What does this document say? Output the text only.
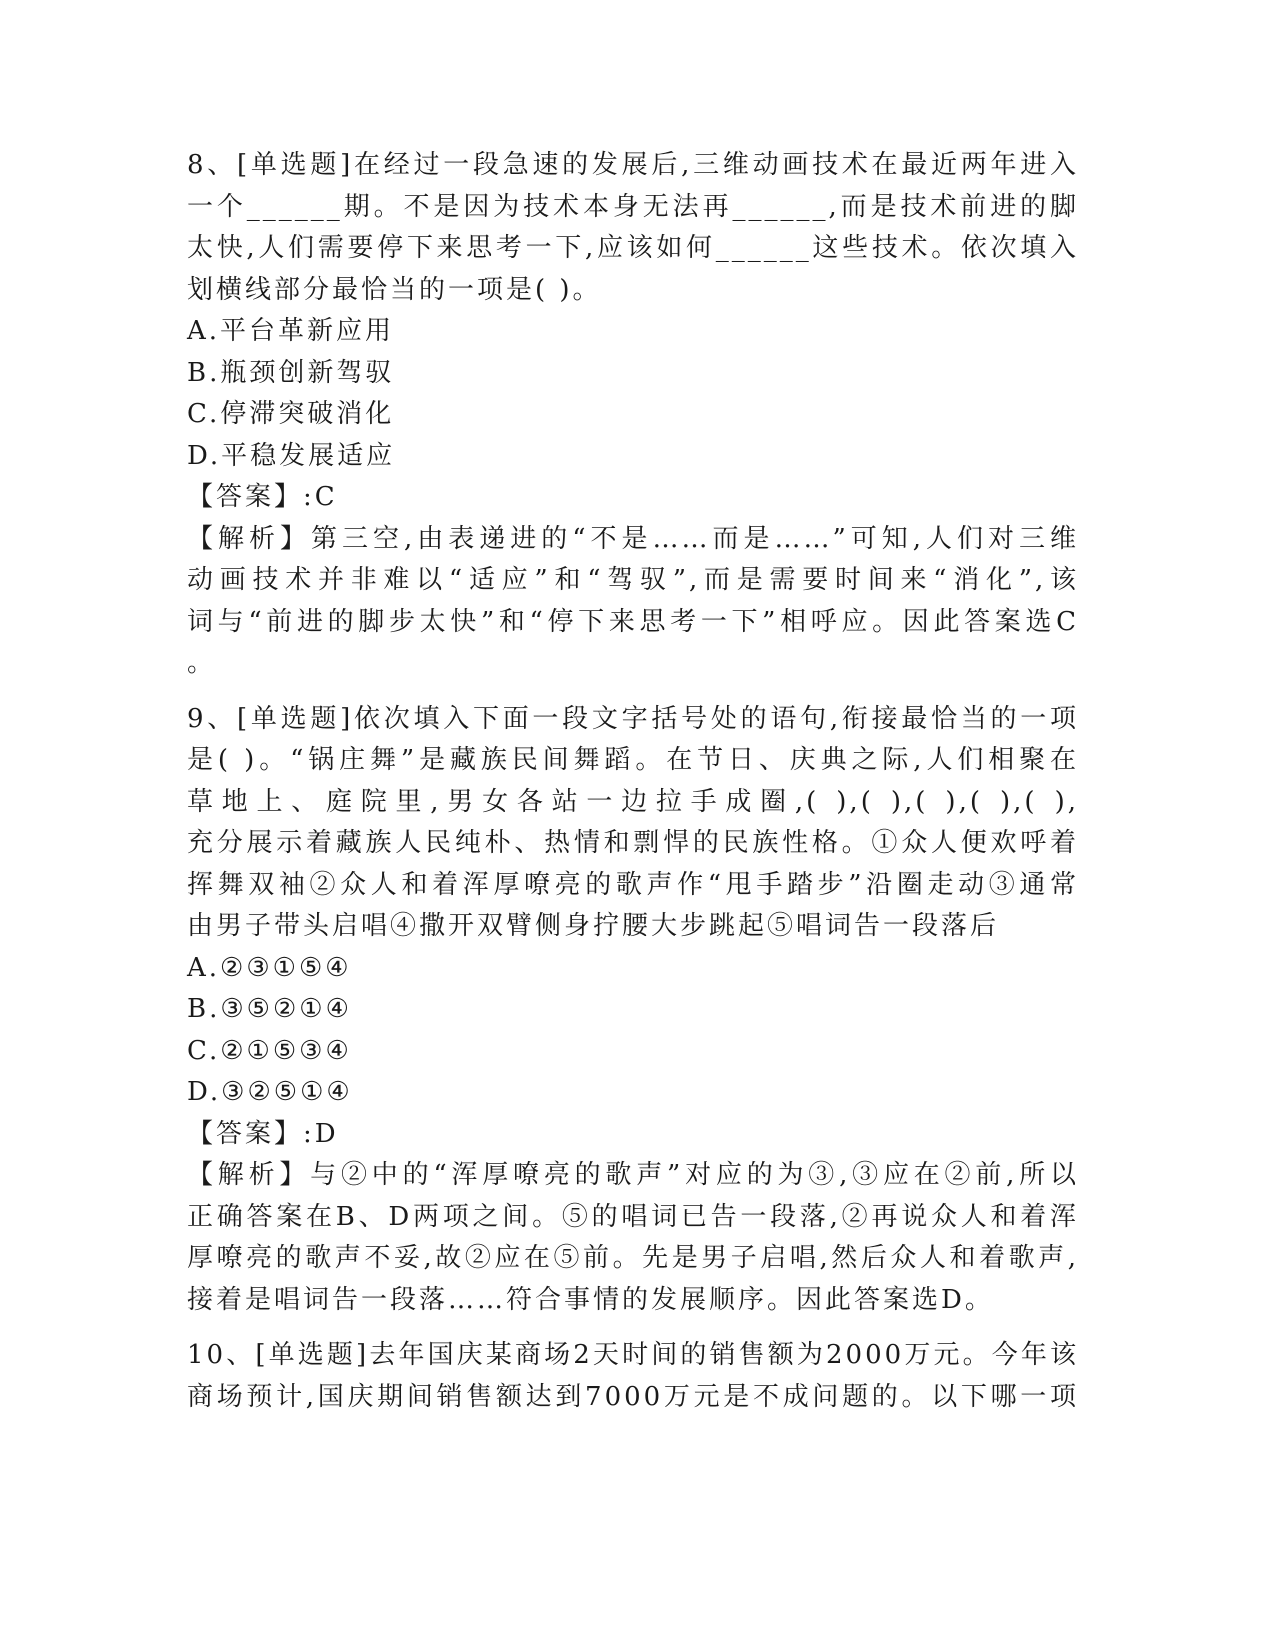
8、[单选题]在经过一段急速的发展后,三维动画技术在最近两年进入
一个______期。不是因为技术本身无法再______,而是技术前进的脚
太快,人们需要停下来思考一下,应该如何______这些技术。依次填入
划横线部分最恰当的一项是( )。
A.平台革新应用
B.瓶颈创新驾驭
C.停滞突破消化
D.平稳发展适应
【答案】:C
【解析】第三空,由表递进的“不是……而是……”可知,人们对三维
动画技术并非难以“适应”和“驾驭”,而是需要时间来“消化”,该
词与“前进的脚步太快”和“停下来思考一下”相呼应。因此答案选C
。
9、[单选题]依次填入下面一段文字括号处的语句,衔接最恰当的一项
是( )。“锅庄舞”是藏族民间舞蹈。在节日、庆典之际,人们相聚在
草地上、庭院里,男女各站一边拉手成圈,( ),( ),( ),( ),( ),
充分展示着藏族人民纯朴、热情和剽悍的民族性格。①众人便欢呼着
挥舞双袖②众人和着浑厚嘹亮的歌声作“甩手踏步”沿圈走动③通常
由男子带头启唱④撒开双臂侧身拧腰大步跳起⑤唱词告一段落后
A.②③①⑤④
B.③⑤②①④
C.②①⑤③④
D.③②⑤①④
【答案】:D
【解析】与②中的“浑厚嘹亮的歌声”对应的为③,③应在②前,所以
正确答案在B、D两项之间。⑤的唱词已告一段落,②再说众人和着浑
厚嘹亮的歌声不妥,故②应在⑤前。先是男子启唱,然后众人和着歌声,
接着是唱词告一段落……符合事情的发展顺序。因此答案选D。
10、[单选题]去年国庆某商场2天时间的销售额为2000万元。今年该
商场预计,国庆期间销售额达到7000万元是不成问题的。以下哪一项
